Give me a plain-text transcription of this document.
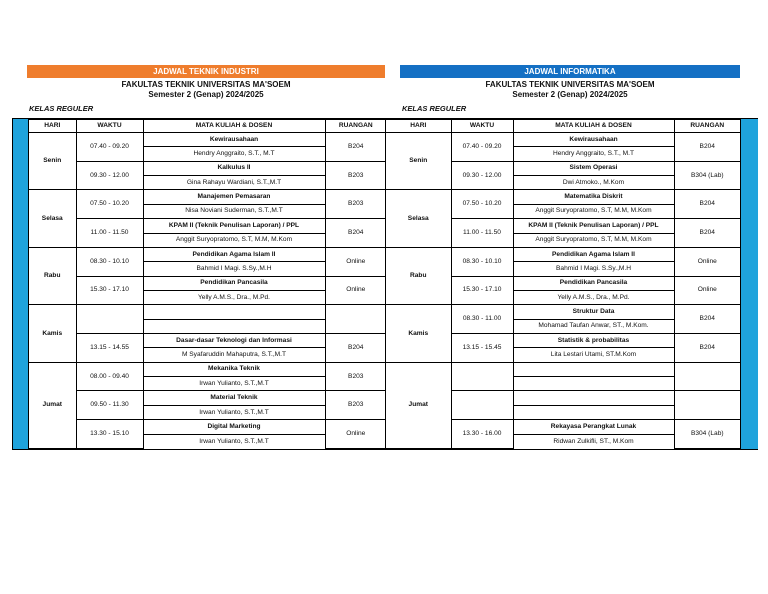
JADWAL TEKNIK INDUSTRI
FAKULTAS TEKNIK UNIVERSITAS MA'SOEM
Semester 2 (Genap) 2024/2025
KELAS REGULER
JADWAL INFORMATIKA
FAKULTAS TEKNIK UNIVERSITAS MA'SOEM
Semester 2 (Genap) 2024/2025
KELAS REGULER
HARI	WAKTU	MATA KULIAH & DOSEN	RUANGAN
Senin	07.40 - 09.20	Kewirausahaan	B204
		Hendry Anggraito, S.T., M.T	
	09.30 - 12.00	Kalkulus II	B203
		Gina Rahayu Wardiani, S.T.,M.T	
Selasa	07.50 - 10.20	Manajemen Pemasaran	B203
		Nisa Noviani Suderman, S.T.,M.T	
	11.00 - 11.50	KPAM II (Teknik Penulisan Laporan) / PPL	B204
		Anggit Suryopratomo, S.T, M.M, M.Kom	
Rabu	08.30 - 10.10	Pendidikan Agama Islam II	Online
		Bahmid I Magi. S.Sy.,M.H	
	15.30 - 17.10	Pendidikan Pancasila	Online
		Yelly A.M.S., Dra., M.Pd.	
Kamis			

	13.15 - 14.55	Dasar-dasar Teknologi dan Informasi	B204
		M Syafaruddin Mahaputra, S.T.,M.T	
Jumat	08.00 - 09.40	Mekanika Teknik	B203
		Irwan Yulianto, S.T.,M.T	
	09.50 - 11.30	Material Teknik	B203
		Irwan Yulianto, S.T.,M.T	
	13.30 - 15.10	Digital Marketing	Online
		Irwan Yulianto, S.T.,M.T	
HARI	WAKTU	MATA KULIAH & DOSEN	RUANGAN
Senin	07.40 - 09.20	Kewirausahaan	B204
		Hendry Anggraito, S.T., M.T	
	09.30 - 12.00	Sistem Operasi	B304 (Lab)
		Dwi Atmoko., M.Kom	
Selasa	07.50 - 10.20	Matematika Diskrit	B204
		Anggit Suryopratomo, S.T, M.M, M.Kom	
	11.00 - 11.50	KPAM II (Teknik Penulisan Laporan) / PPL	B204
		Anggit Suryopratomo, S.T, M.M, M.Kom	
Rabu	08.30 - 10.10	Pendidikan Agama Islam II	Online
		Bahmid I Magi. S.Sy.,M.H	
	15.30 - 17.10	Pendidikan Pancasila	Online
		Yelly A.M.S., Dra., M.Pd.	
Kamis	08.30 - 11.00	Struktur Data	B204
		Mohamad Taufan Anwar, ST., M.Kom.	
	13.15 - 15.45	Statistik & probabilitas	B204
		Lita Lestari Utami, ST.M.Kom	
Jumat			

	13.30 - 16.00	Rekayasa Perangkat Lunak	B304 (Lab)
		Ridwan Zulkifli, ST., M.Kom	
